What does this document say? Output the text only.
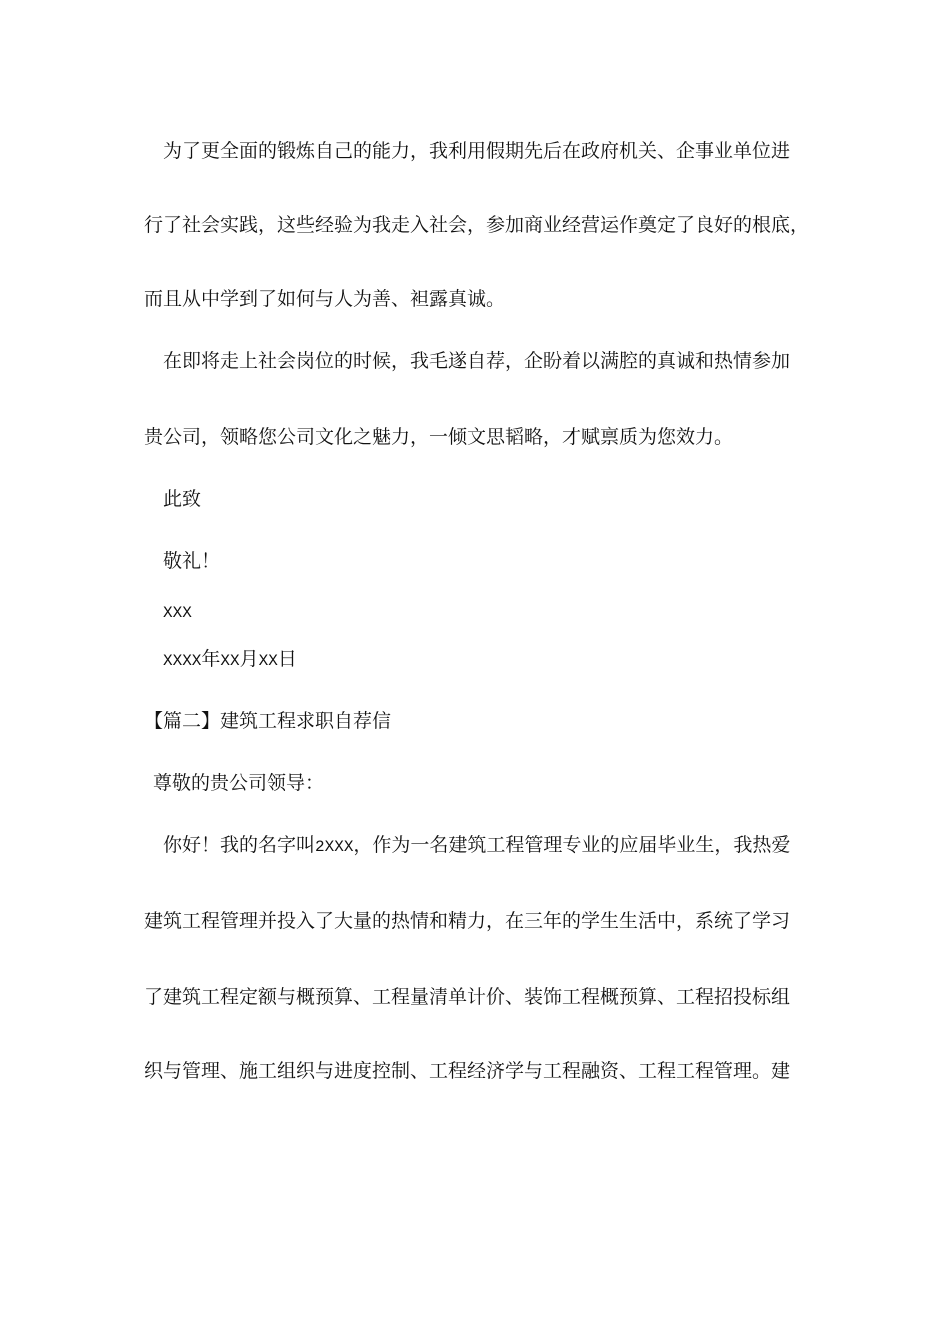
　为了更全面的锻炼自己的能力，我利用假期先后在政府机关、企事业单位进

行了社会实践，这些经验为我走入社会，参加商业经营运作奠定了良好的根底，

而且从中学到了如何与人为善、袒露真诚。

　在即将走上社会岗位的时候，我毛遂自荐，企盼着以满腔的真诚和热情参加

贵公司，领略您公司文化之魅力，一倾文思韬略，才赋禀质为您效力。

　此致

　敬礼！

XXX

XXXX年XX月XX日

【篇二】建筑工程求职自荐信

尊敬的贵公司领导：

　你好！我的名字叫2XXX，作为一名建筑工程管理专业的应届毕业生，我热爱

建筑工程管理并投入了大量的热情和精力，在三年的学生生活中，系统了学习

了建筑工程定额与概预算、工程量清单计价、装饰工程概预算、工程招投标组

织与管理、施工组织与进度控制、工程经济学与工程融资、工程工程管理。建
